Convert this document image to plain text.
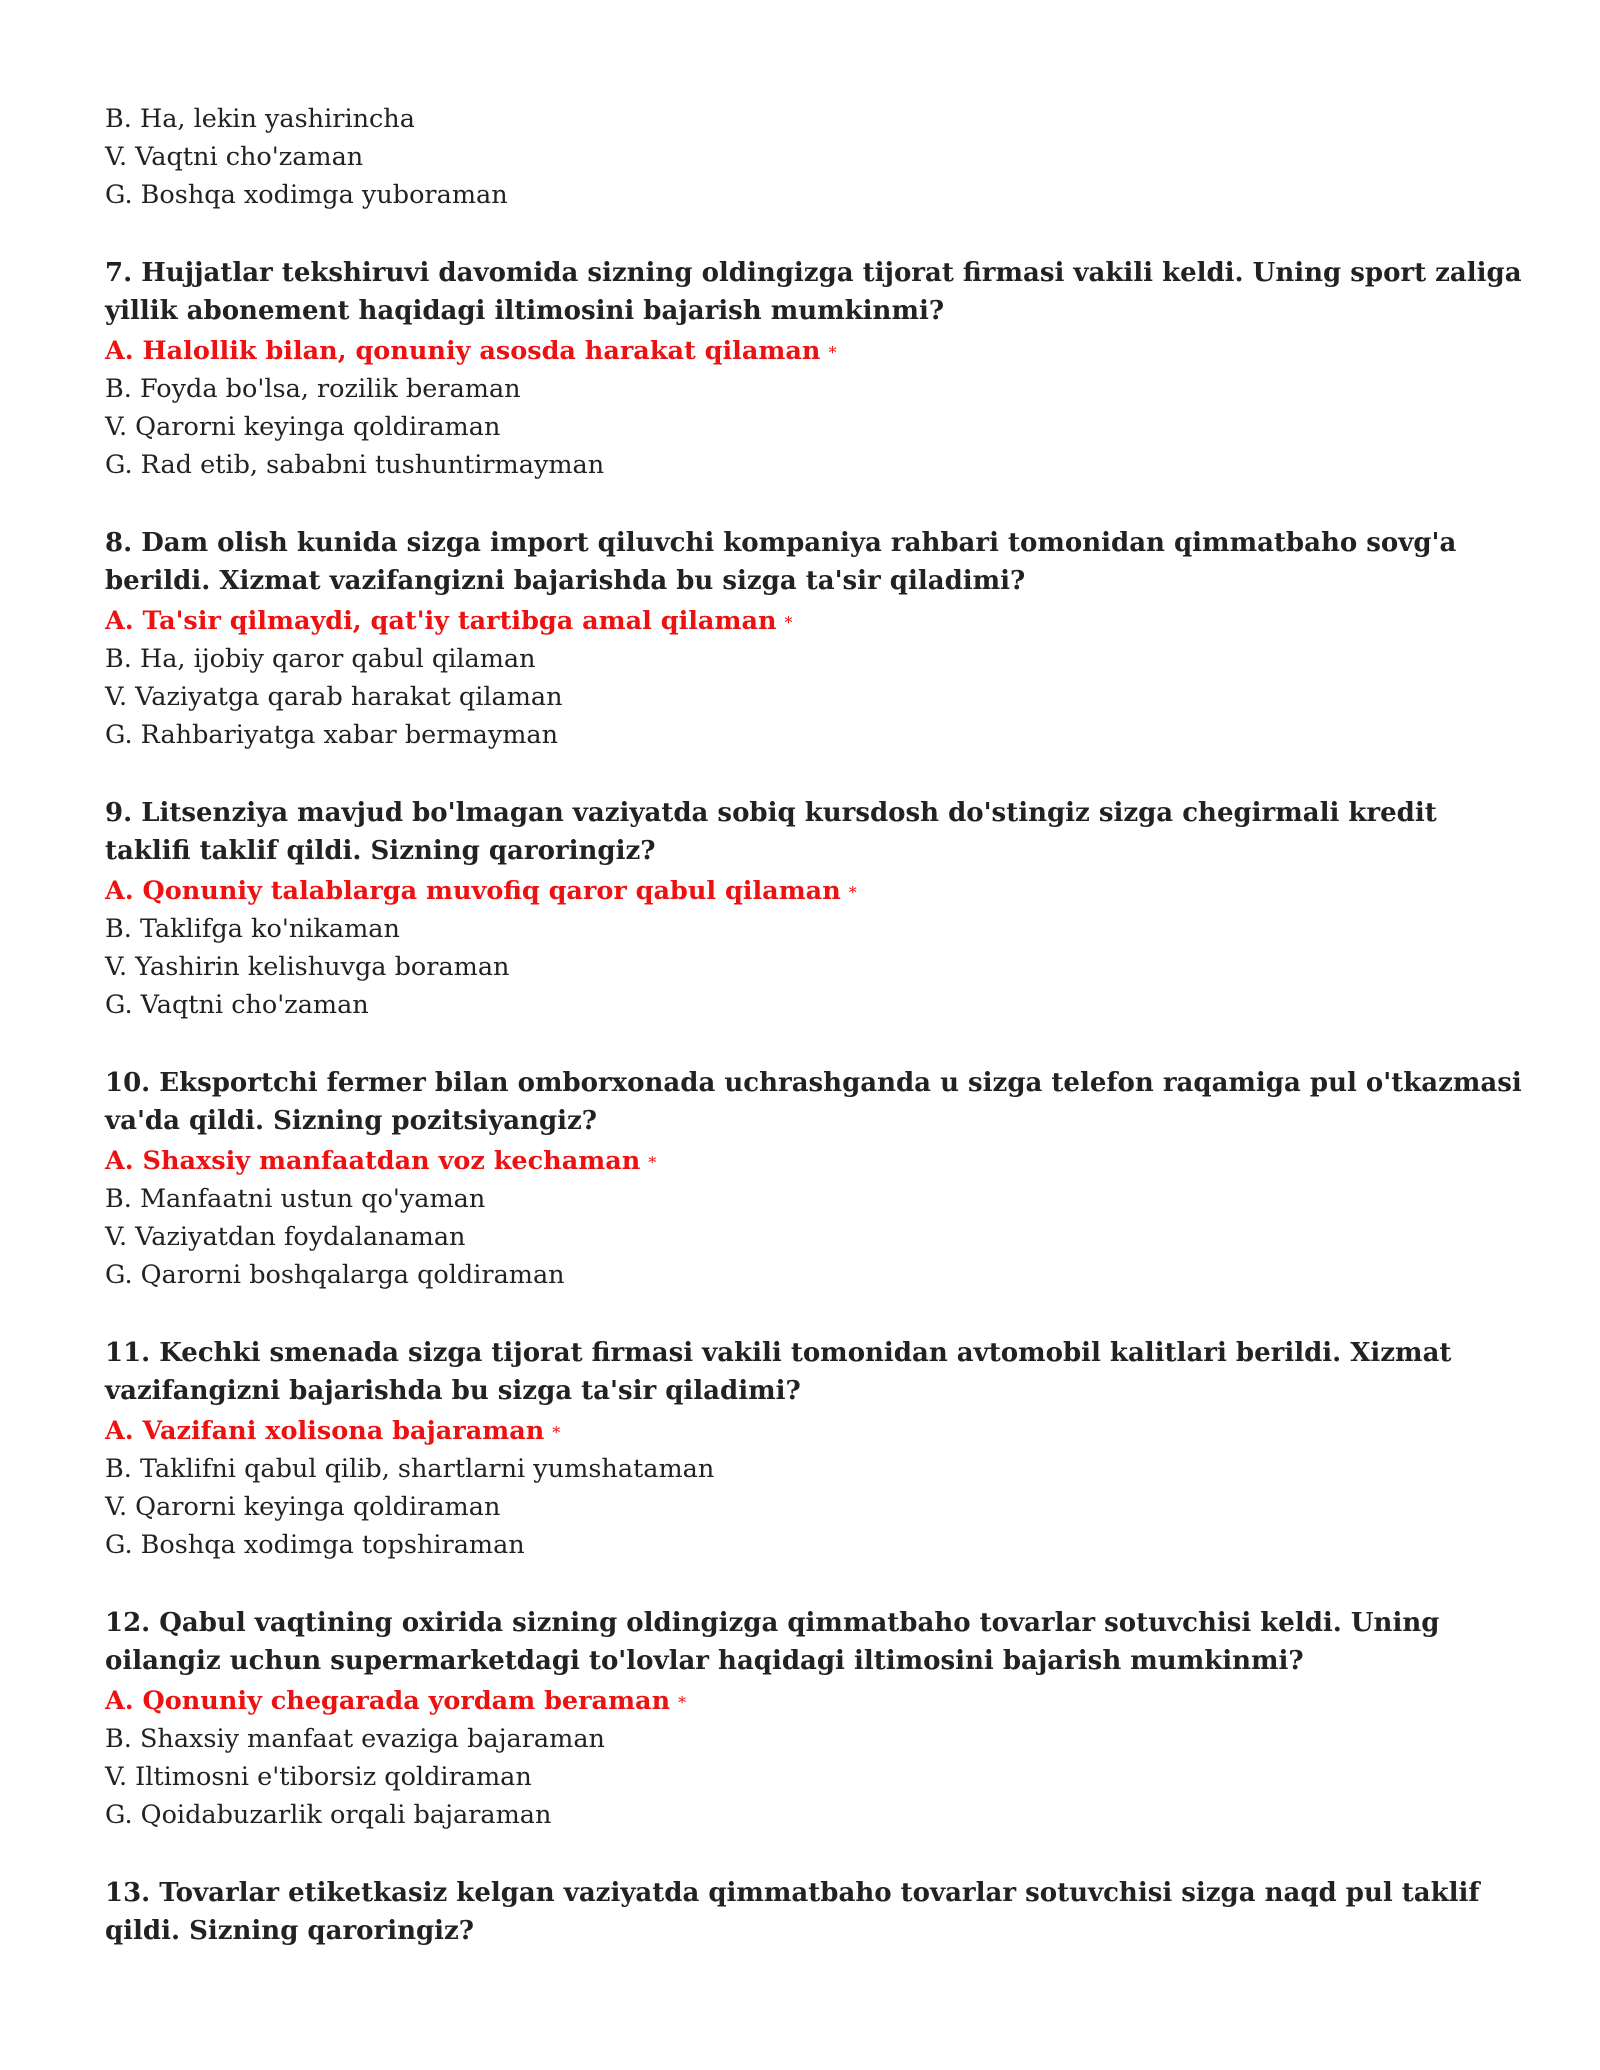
B. Ha, lekin yashirincha
V. Vaqtni cho'zaman
G. Boshqa xodimga yuboraman
7. Hujjatlar tekshiruvi davomida sizning oldingizga tijorat firmasi vakili keldi. Uning sport zaliga yillik abonement haqidagi iltimosini bajarish mumkinmi?
A. Halollik bilan, qonuniy asosda harakat qilaman *
B. Foyda bo'lsa, rozilik beraman
V. Qarorni keyinga qoldiraman
G. Rad etib, sababni tushuntirmayman
8. Dam olish kunida sizga import qiluvchi kompaniya rahbari tomonidan qimmatbaho sovg'a berildi. Xizmat vazifangizni bajarishda bu sizga ta'sir qiladimi?
A. Ta'sir qilmaydi, qat'iy tartibga amal qilaman *
B. Ha, ijobiy qaror qabul qilaman
V. Vaziyatga qarab harakat qilaman
G. Rahbariyatga xabar bermayman
9. Litsenziya mavjud bo'lmagan vaziyatda sobiq kursdosh do'stingiz sizga chegirmali kredit taklifi taklif qildi. Sizning qaroringiz?
A. Qonuniy talablarga muvofiq qaror qabul qilaman *
B. Taklifga ko'nikaman
V. Yashirin kelishuvga boraman
G. Vaqtni cho'zaman
10. Eksportchi fermer bilan omborxonada uchrashganda u sizga telefon raqamiga pul o'tkazmasi va'da qildi. Sizning pozitsiyangiz?
A. Shaxsiy manfaatdan voz kechaman *
B. Manfaatni ustun qo'yaman
V. Vaziyatdan foydalanaman
G. Qarorni boshqalarga qoldiraman
11. Kechki smenada sizga tijorat firmasi vakili tomonidan avtomobil kalitlari berildi. Xizmat vazifangizni bajarishda bu sizga ta'sir qiladimi?
A. Vazifani xolisona bajaraman *
B. Taklifni qabul qilib, shartlarni yumshataman
V. Qarorni keyinga qoldiraman
G. Boshqa xodimga topshiraman
12. Qabul vaqtining oxirida sizning oldingizga qimmatbaho tovarlar sotuvchisi keldi. Uning oilangiz uchun supermarketdagi to'lovlar haqidagi iltimosini bajarish mumkinmi?
A. Qonuniy chegarada yordam beraman *
B. Shaxsiy manfaat evaziga bajaraman
V. Iltimosni e'tiborsiz qoldiraman
G. Qoidabuzarlik orqali bajaraman
13. Tovarlar etiketkasiz kelgan vaziyatda qimmatbaho tovarlar sotuvchisi sizga naqd pul taklif qildi. Sizning qaroringiz?
